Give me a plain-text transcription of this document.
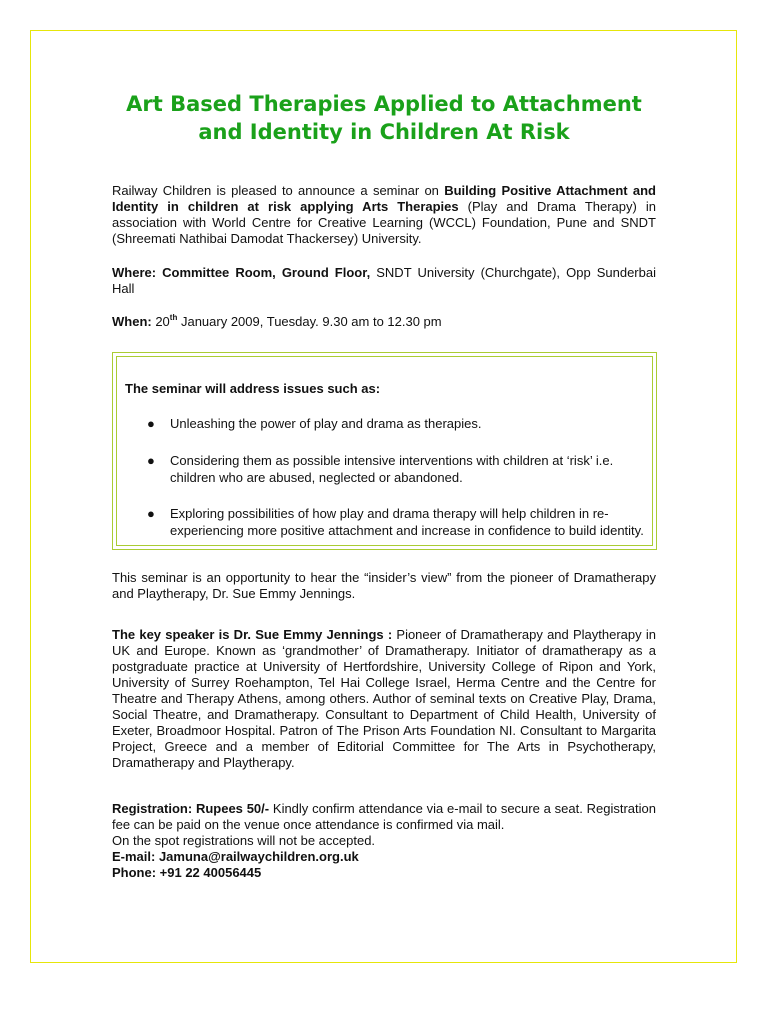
Art Based Therapies Applied to Attachment and Identity in Children At Risk

Railway Children is pleased to announce a seminar on Building Positive Attachment and Identity in children at risk applying Arts Therapies (Play and Drama Therapy) in association with World Centre for Creative Learning (WCCL) Foundation, Pune and SNDT (Shreemati Nathibai Damodat Thackersey) University.

Where: Committee Room, Ground Floor, SNDT University (Churchgate), Opp Sunderbai Hall

When: 20th January 2009, Tuesday. 9.30 am to 12.30 pm

The seminar will address issues such as:

●	Unleashing the power of play and drama as therapies.
●	Considering them as possible intensive interventions with children at ‘risk’ i.e. children who are abused, neglected or abandoned.
●	Exploring possibilities of how play and drama therapy will help children in re-experiencing more positive attachment and increase in confidence to build identity.

This seminar is an opportunity to hear the “insider’s view” from the pioneer of Dramatherapy and Playtherapy, Dr. Sue Emmy Jennings.

The key speaker is Dr. Sue Emmy Jennings : Pioneer of Dramatherapy and Playtherapy in UK and Europe. Known as ‘grandmother’ of Dramatherapy. Initiator of dramatherapy as a postgraduate practice at University of Hertfordshire, University College of Ripon and York, University of Surrey Roehampton, Tel Hai College Israel, Herma Centre and the Centre for Theatre and Therapy Athens, among others. Author of seminal texts on Creative Play, Drama, Social Theatre, and Dramatherapy. Consultant to Department of Child Health, University of Exeter, Broadmoor Hospital. Patron of The Prison Arts Foundation NI. Consultant to Margarita Project, Greece and a member of Editorial Committee for The Arts in Psychotherapy, Dramatherapy and Playtherapy.

Registration: Rupees 50/- Kindly confirm attendance via e-mail to secure a seat. Registration fee can be paid on the venue once attendance is confirmed via mail.
On the spot registrations will not be accepted.
E-mail: Jamuna@railwaychildren.org.uk
Phone: +91 22 40056445
